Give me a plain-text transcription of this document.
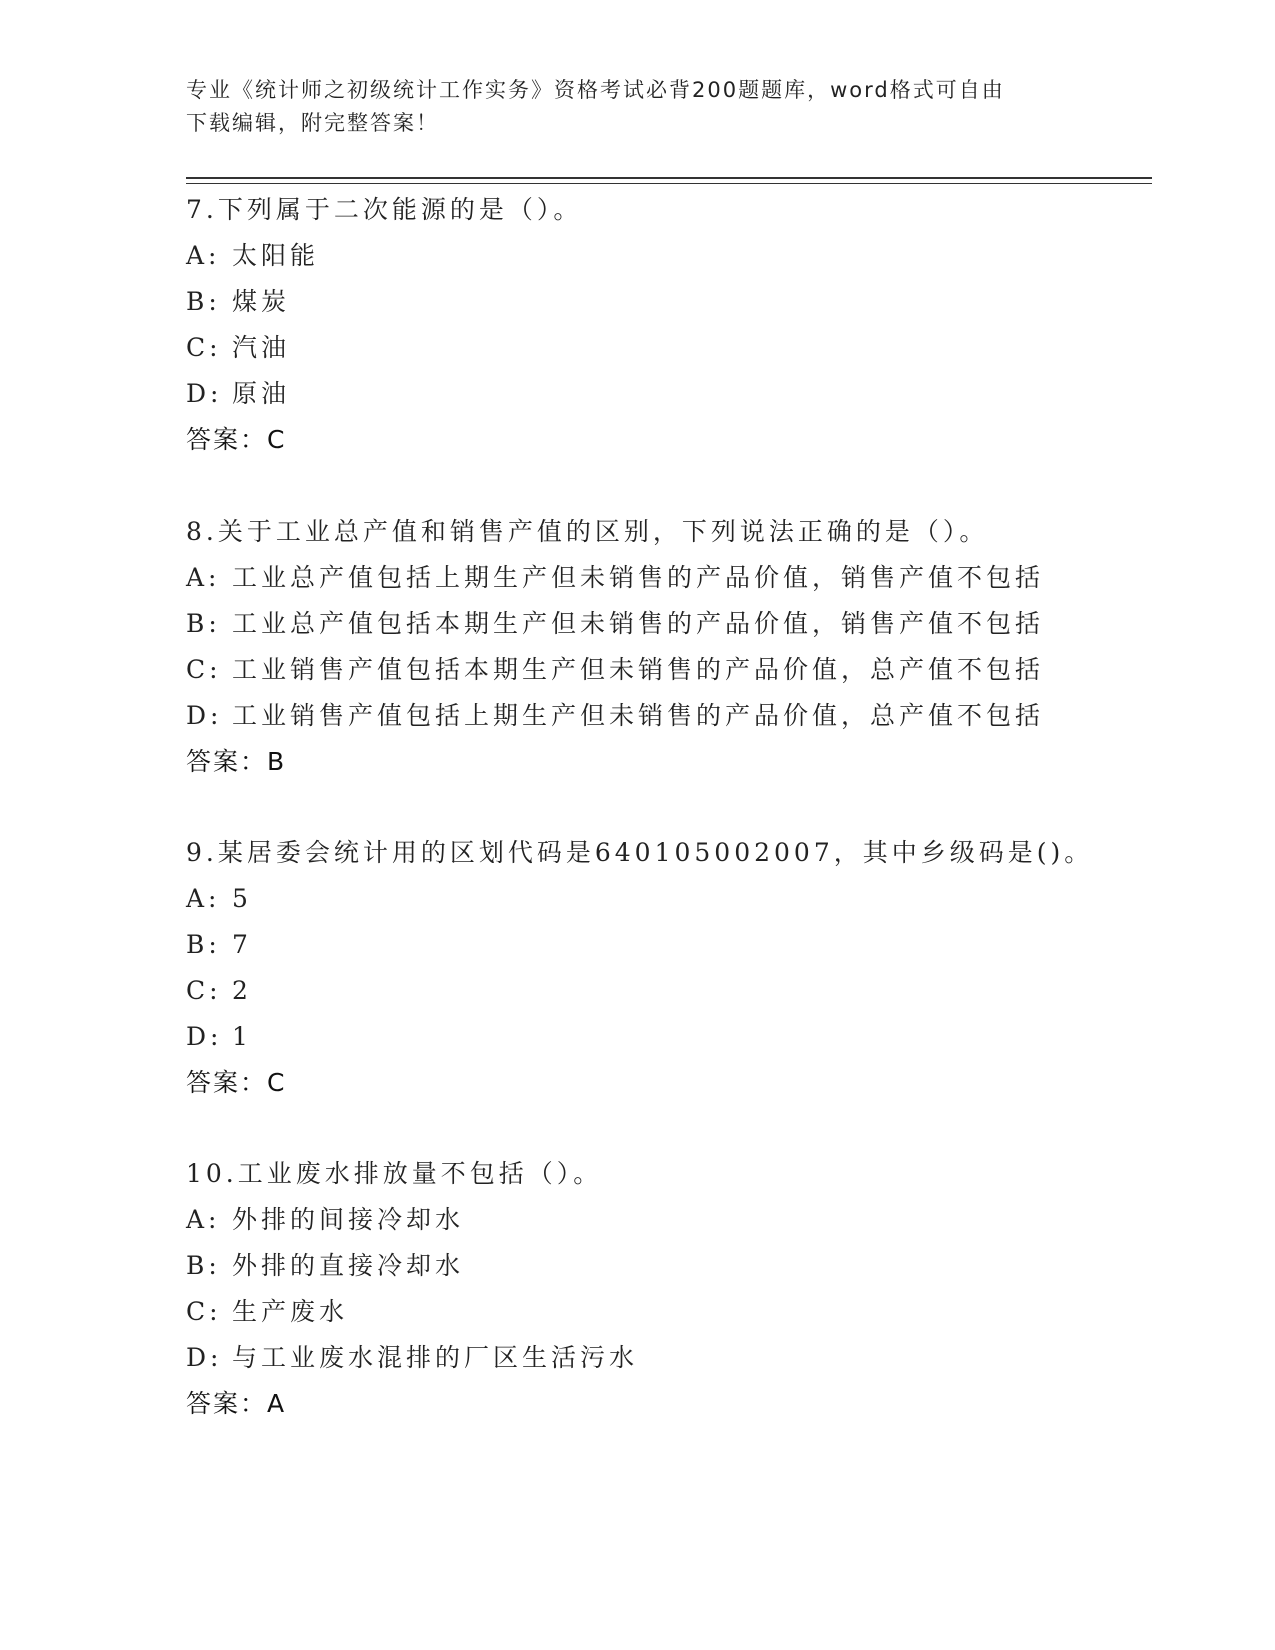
专业《统计师之初级统计工作实务》资格考试必背200题题库，word格式可自由
下载编辑，附完整答案！
7.下列属于二次能源的是（）。
A: 太阳能
B: 煤炭
C: 汽油
D: 原油
答案：C
8.关于工业总产值和销售产值的区别，下列说法正确的是（）。
A: 工业总产值包括上期生产但未销售的产品价值，销售产值不包括
B: 工业总产值包括本期生产但未销售的产品价值，销售产值不包括
C: 工业销售产值包括本期生产但未销售的产品价值，总产值不包括
D: 工业销售产值包括上期生产但未销售的产品价值，总产值不包括
答案：B
9.某居委会统计用的区划代码是640105002007，其中乡级码是()。
A: 5
B: 7
C: 2
D: 1
答案：C
10.工业废水排放量不包括（）。
A: 外排的间接冷却水
B: 外排的直接冷却水
C: 生产废水
D: 与工业废水混排的厂区生活污水
答案：A
